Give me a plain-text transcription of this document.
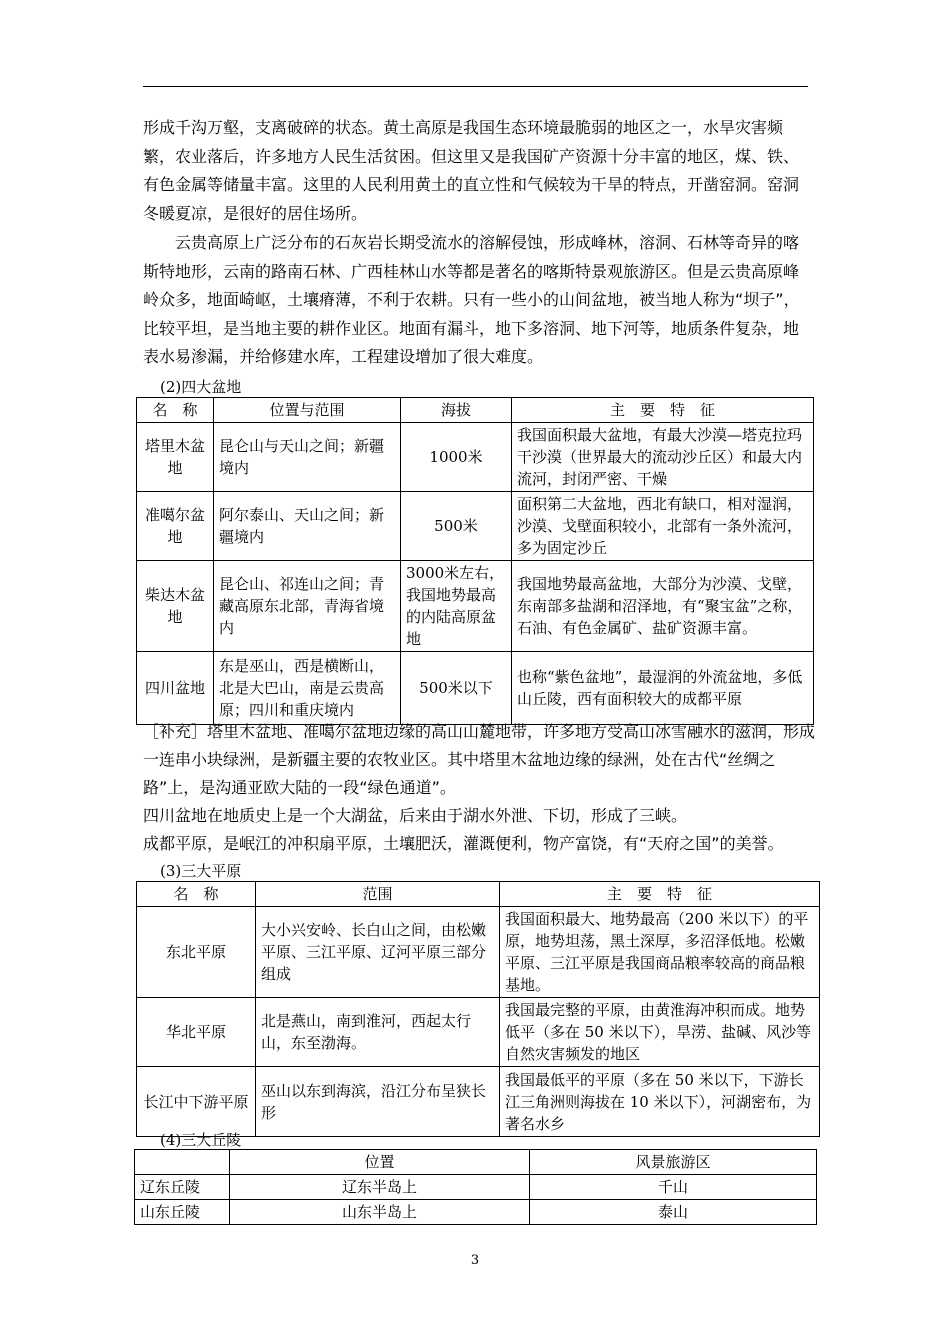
形成千沟万壑，支离破碎的状态。黄土高原是我国生态环境最脆弱的地区之一，水旱灾害频繁，农业落后，许多地方人民生活贫困。但这里又是我国矿产资源十分丰富的地区，煤、铁、有色金属等储量丰富。这里的人民利用黄土的直立性和气候较为干旱的特点，开凿窑洞。窑洞冬暖夏凉，是很好的居住场所。

云贵高原上广泛分布的石灰岩长期受流水的溶解侵蚀，形成峰林，溶洞、石林等奇异的喀斯特地形，云南的路南石林、广西桂林山水等都是著名的喀斯特景观旅游区。但是云贵高原峰岭众多，地面崎岖，土壤瘠薄，不利于农耕。只有一些小的山间盆地，被当地人称为“坝子”，比较平坦，是当地主要的耕作业区。地面有漏斗，地下多溶洞、地下河等，地质条件复杂，地表水易渗漏，并给修建水库，工程建设增加了很大难度。

(2)四大盆地
名　称	位置与范围	海拔	主　要　特　征
塔里木盆地	昆仑山与天山之间；新疆境内	1000米	我国面积最大盆地，有最大沙漠—塔克拉玛干沙漠（世界最大的流动沙丘区）和最大内流河，封闭严密、干燥
准噶尔盆地	阿尔泰山、天山之间；新疆境内	500米	面积第二大盆地，西北有缺口，相对湿润，沙漠、戈壁面积较小，北部有一条外流河，多为固定沙丘
柴达木盆地	昆仑山、祁连山之间；青藏高原东北部，青海省境内	3000米左右，我国地势最高的内陆高原盆地	我国地势最高盆地，大部分为沙漠、戈壁，东南部多盐湖和沼泽地，有“聚宝盆”之称，石油、有色金属矿、盐矿资源丰富。
四川盆地	东是巫山，西是横断山，北是大巴山，南是云贵高原；四川和重庆境内	500米以下	也称“紫色盆地”，最湿润的外流盆地，多低山丘陵，西有面积较大的成都平原

［补充］塔里木盆地、准噶尔盆地边缘的高山山麓地带，许多地方受高山冰雪融水的滋润，形成一连串小块绿洲，是新疆主要的农牧业区。其中塔里木盆地边缘的绿洲，处在古代“丝绸之路”上，是沟通亚欧大陆的一段“绿色通道”。

四川盆地在地质史上是一个大湖盆，后来由于湖水外泄、下切，形成了三峡。

成都平原，是岷江的冲积扇平原，土壤肥沃，灌溉便利，物产富饶，有“天府之国”的美誉。

(3)三大平原
名　称	范围	主　要　特　征
东北平原	大小兴安岭、长白山之间，由松嫩平原、三江平原、辽河平原三部分组成	我国面积最大、地势最高（200 米以下）的平原，地势坦荡，黑土深厚，多沼泽低地。松嫩平原、三江平原是我国商品粮率较高的商品粮基地。
华北平原	北是燕山，南到淮河，西起太行山，东至渤海。	我国最完整的平原，由黄淮海冲积而成。地势低平（多在 50 米以下），旱涝、盐碱、风沙等自然灾害频发的地区
长江中下游平原	巫山以东到海滨，沿江分布呈狭长形	我国最低平的平原（多在 50 米以下，下游长江三角洲则海拔在 10 米以下），河湖密布，为著名水乡
(4)三大丘陵
	位置	风景旅游区
辽东丘陵	辽东半岛上	千山
山东丘陵	山东半岛上	泰山
3
